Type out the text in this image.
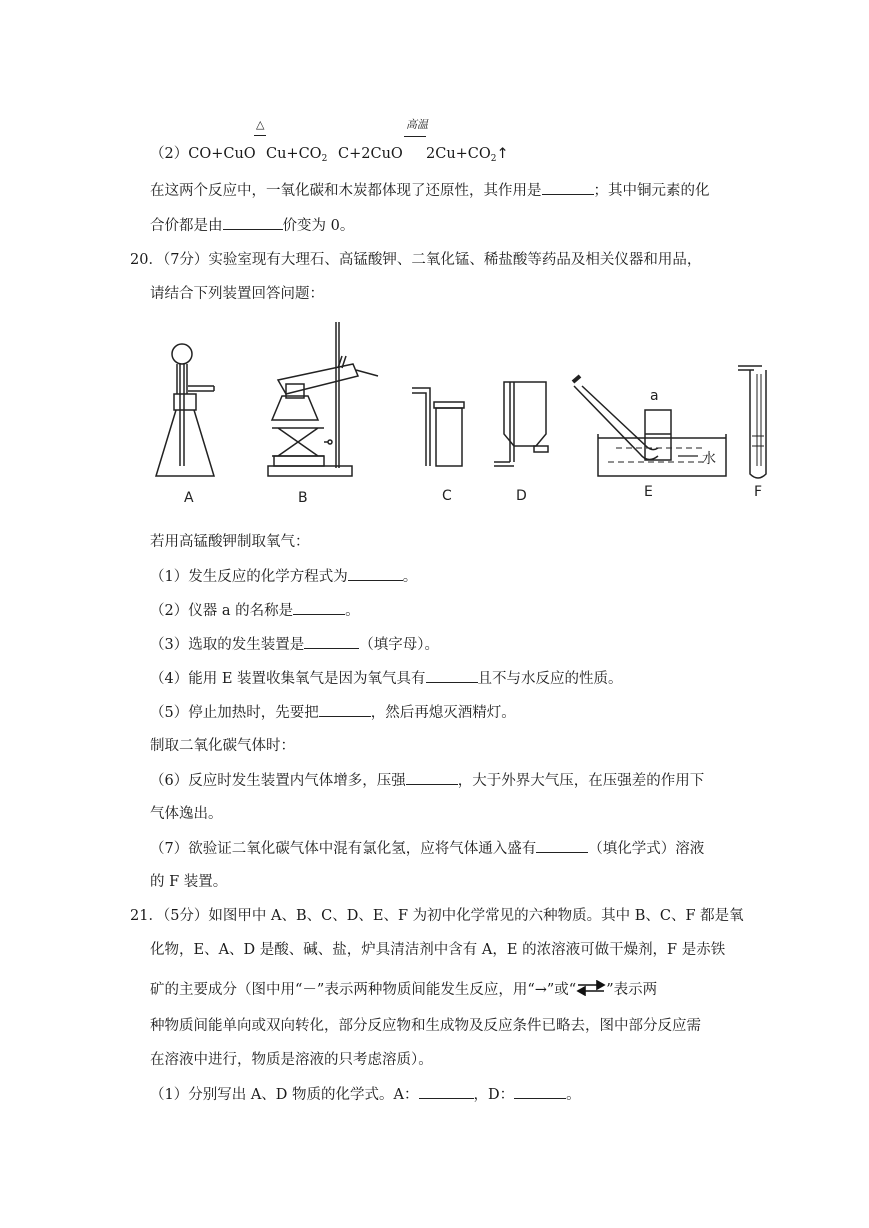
（2）CO+CuO
△
$Cu+CO_2$ C+2CuO
高温
$2Cu+CO_2↑$
在这两个反应中，一氧化碳和木炭都体现了还原性，其作用是	；其中铜元素的化
合价都是由	价变为 0。
20．（7分）实验室现有大理石、高锰酸钾、二氧化锰、稀盐酸等药品及相关仪器和用品，
请结合下列装置回答问题：
A	B	C	D	E	F
a
水
若用高锰酸钾制取氧气：
（1）发生反应的化学方程式为	。
（2）仪器 a 的名称是	。
（3）选取的发生装置是	（填字母）。
（4）能用 E 装置收集氧气是因为氧气具有	且不与水反应的性质。
（5）停止加热时，先要把	，然后再熄灭酒精灯。
制取二氧化碳气体时：
（6）反应时发生装置内气体增多，压强	，大于外界大气压，在压强差的作用下
气体逸出。
（7）欲验证二氧化碳气体中混有氯化氢，应将气体通入盛有	（填化学式）溶液
的 F 装置。
21．（5分）如图甲中 A、B、C、D、E、F 为初中化学常见的六种物质。其中 B、C、F 都是氧
化物，E、A、D 是酸、碱、盐，炉具清洁剂中含有 A，E 的浓溶液可做干燥剂，F 是赤铁
矿的主要成分（图中用“－”表示两种物质间能发生反应，用“→”或“ ”表示两
种物质间能单向或双向转化，部分反应物和生成物及反应条件已略去，图中部分反应需
在溶液中进行，物质是溶液的只考虑溶质）。
（1）分别写出 A、D 物质的化学式。A：	，D：	。
